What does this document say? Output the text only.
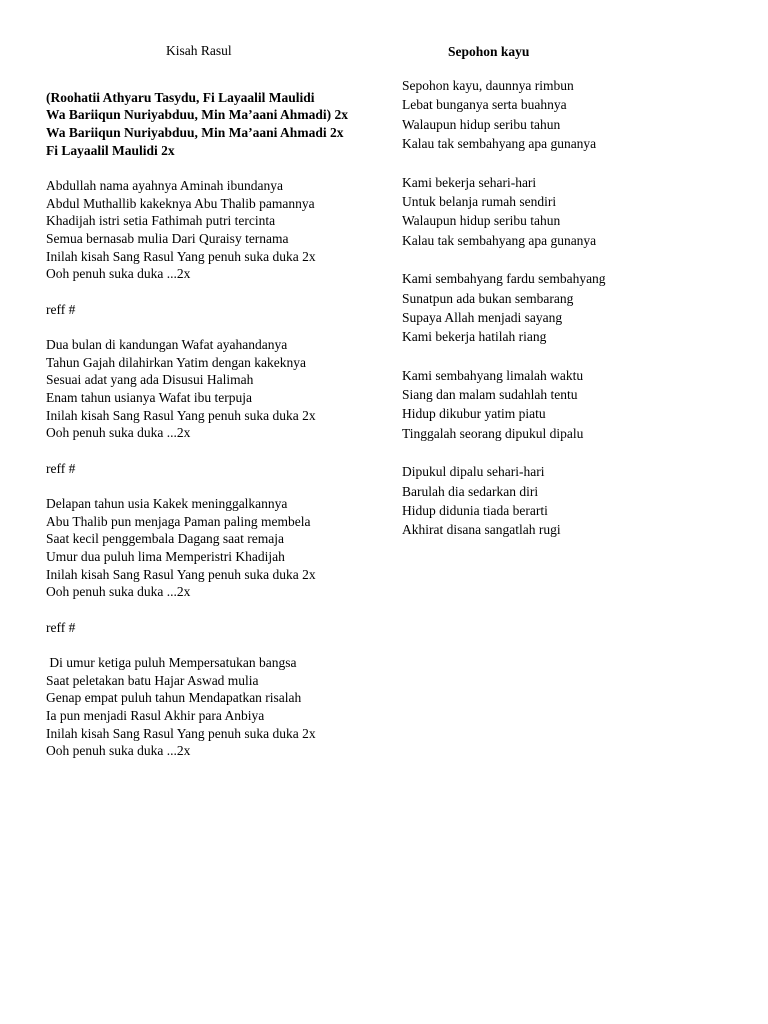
Kisah Rasul	Sepohon kayu
(Roohatii Athyaru Tasydu, Fi Layaalil Maulidi
Wa Bariiqun Nuriyabduu, Min Ma’aani Ahmadi) 2x
Wa Bariiqun Nuriyabduu, Min Ma’aani Ahmadi 2x
Fi Layaalil Maulidi 2x
Abdullah nama ayahnya Aminah ibundanya
Abdul Muthallib kakeknya Abu Thalib pamannya
Khadijah istri setia Fathimah putri tercinta
Semua bernasab mulia Dari Quraisy ternama
Inilah kisah Sang Rasul Yang penuh suka duka 2x
Ooh penuh suka duka ...2x
reff #
Dua bulan di kandungan Wafat ayahandanya
Tahun Gajah dilahirkan Yatim dengan kakeknya
Sesuai adat yang ada Disusui Halimah
Enam tahun usianya Wafat ibu terpuja
Inilah kisah Sang Rasul Yang penuh suka duka 2x
Ooh penuh suka duka ...2x
reff #
Delapan tahun usia Kakek meninggalkannya
Abu Thalib pun menjaga Paman paling membela
Saat kecil penggembala Dagang saat remaja
Umur dua puluh lima Memperistri Khadijah
Inilah kisah Sang Rasul Yang penuh suka duka 2x
Ooh penuh suka duka ...2x
reff #
Di umur ketiga puluh Mempersatukan bangsa
Saat peletakan batu Hajar Aswad mulia
Genap empat puluh tahun Mendapatkan risalah
Ia pun menjadi Rasul Akhir para Anbiya
Inilah kisah Sang Rasul Yang penuh suka duka 2x
Ooh penuh suka duka ...2x
Sepohon kayu, daunnya rimbun
Lebat bunganya serta buahnya
Walaupun hidup seribu tahun
Kalau tak sembahyang apa gunanya
Kami bekerja sehari-hari
Untuk belanja rumah sendiri
Walaupun hidup seribu tahun
Kalau tak sembahyang apa gunanya
Kami sembahyang fardu sembahyang
Sunatpun ada bukan sembarang
Supaya Allah menjadi sayang
Kami bekerja hatilah riang
Kami sembahyang limalah waktu
Siang dan malam sudahlah tentu
Hidup dikubur yatim piatu
Tinggalah seorang dipukul dipalu
Dipukul dipalu sehari-hari
Barulah dia sedarkan diri
Hidup didunia tiada berarti
Akhirat disana sangatlah rugi
